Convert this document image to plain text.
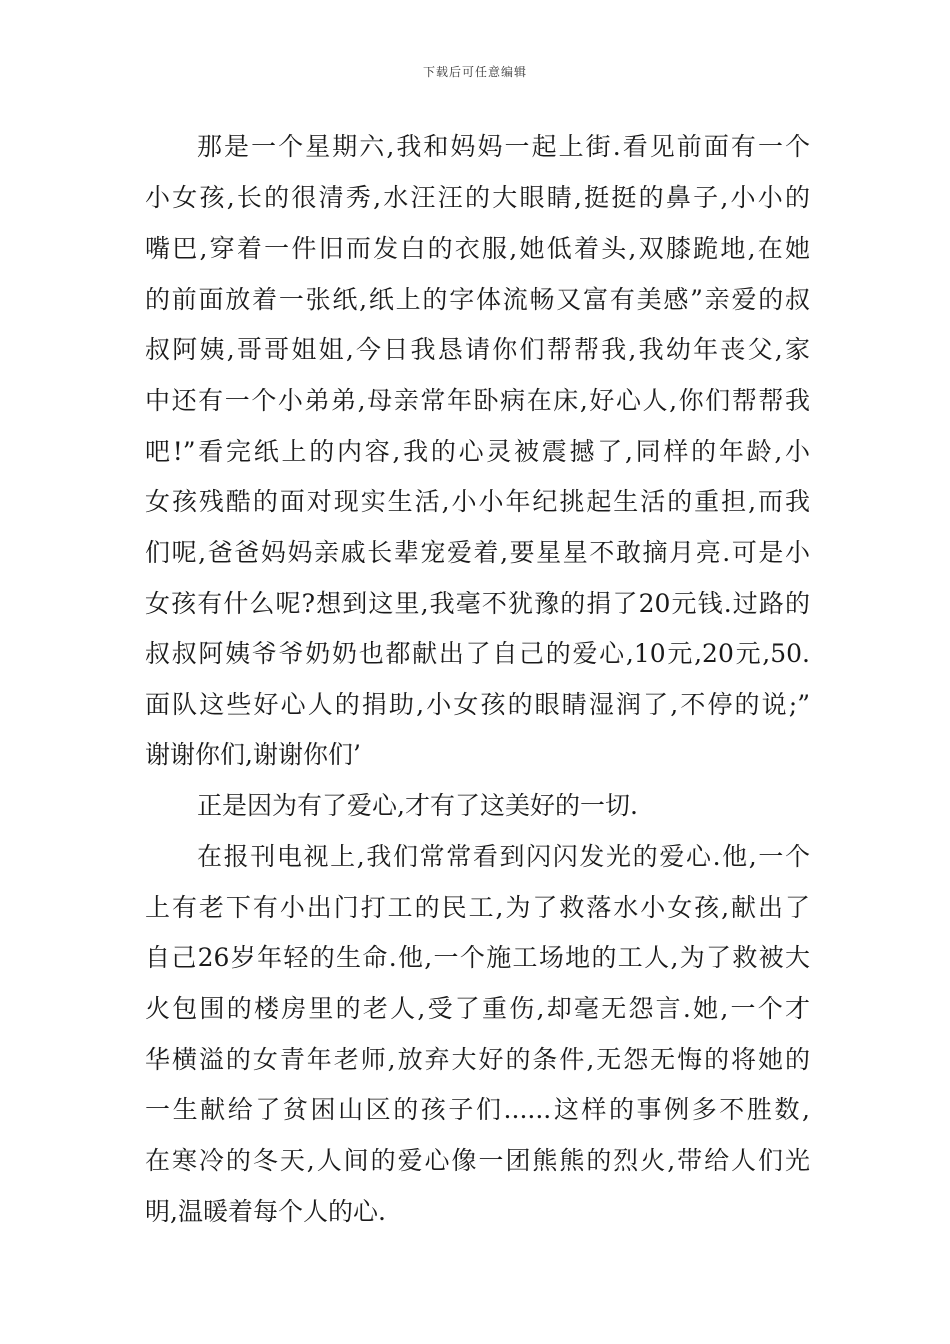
下载后可任意编辑
那是一个星期六,我和妈妈一起上街.看见前面有一个
小女孩,长的很清秀,水汪汪的大眼睛,挺挺的鼻子,小小的
嘴巴,穿着一件旧而发白的衣服,她低着头,双膝跪地,在她
的前面放着一张纸,纸上的字体流畅又富有美感”亲爱的叔
叔阿姨,哥哥姐姐,今日我恳请你们帮帮我,我幼年丧父,家
中还有一个小弟弟,母亲常年卧病在床,好心人,你们帮帮我
吧!”看完纸上的内容,我的心灵被震撼了,同样的年龄,小
女孩残酷的面对现实生活,小小年纪挑起生活的重担,而我
们呢,爸爸妈妈亲戚长辈宠爱着,要星星不敢摘月亮.可是小
女孩有什么呢?想到这里,我毫不犹豫的捐了20元钱.过路的
叔叔阿姨爷爷奶奶也都献出了自己的爱心,10元,20元,50.
面队这些好心人的捐助,小女孩的眼睛湿润了,不停的说;”
谢谢你们,谢谢你们’
正是因为有了爱心,才有了这美好的一切.
在报刊电视上,我们常常看到闪闪发光的爱心.他,一个
上有老下有小出门打工的民工,为了救落水小女孩,献出了
自己26岁年轻的生命.他,一个施工场地的工人,为了救被大
火包围的楼房里的老人,受了重伤,却毫无怨言.她,一个才
华横溢的女青年老师,放弃大好的条件,无怨无悔的将她的
一生献给了贫困山区的孩子们......这样的事例多不胜数,
在寒冷的冬天,人间的爱心像一团熊熊的烈火,带给人们光
明,温暖着每个人的心.
